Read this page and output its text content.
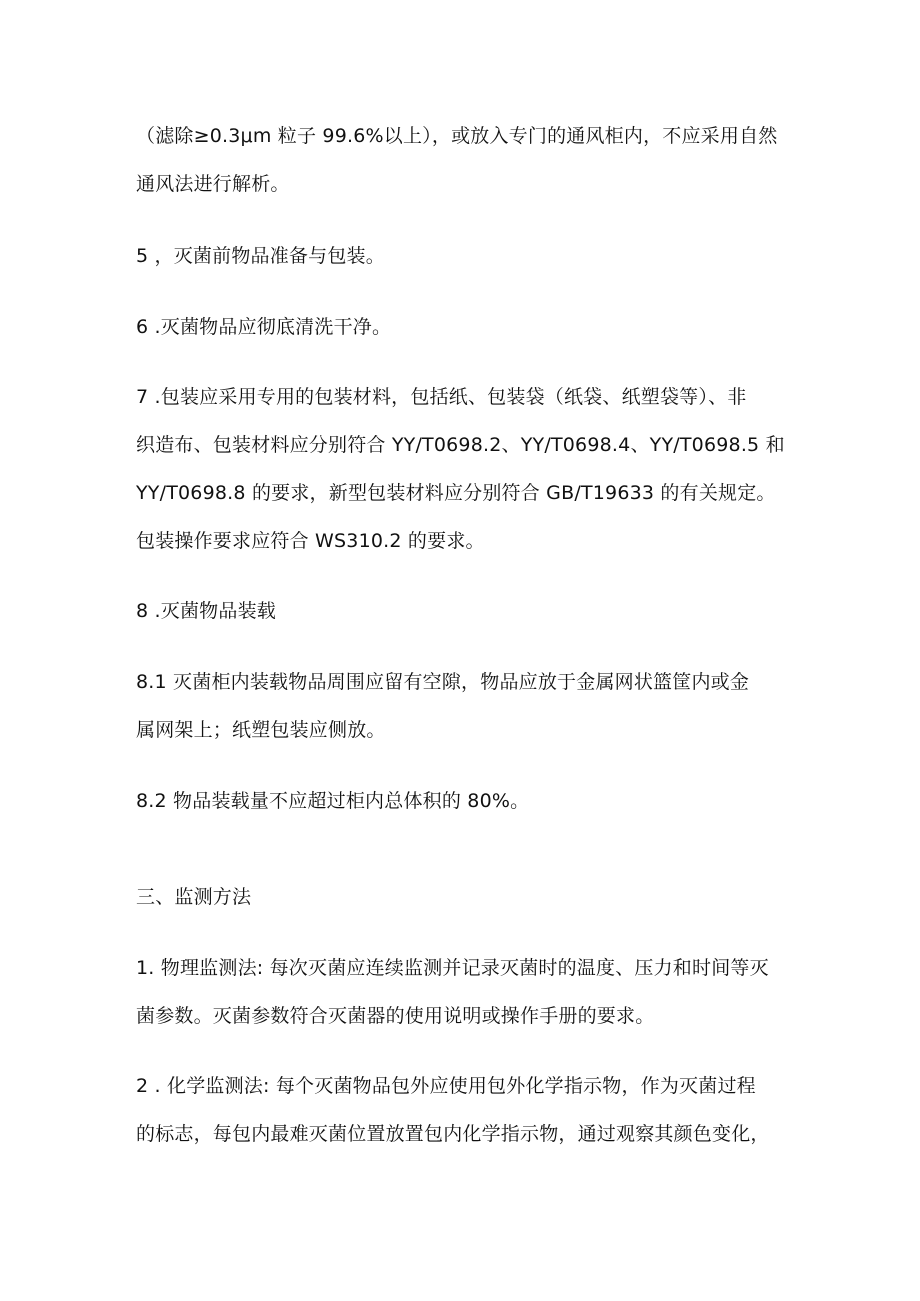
（滤除≥0.3μm 粒子 99.6%以上），或放入专门的通风柜内，不应采用自然
通风法进行解析。
5 ，灭菌前物品准备与包装。
6 .灭菌物品应彻底清洗干净。
7 .包装应采用专用的包装材料，包括纸、包装袋（纸袋、纸塑袋等）、非
织造布、包装材料应分别符合 YY/T0698.2、YY/T0698.4、YY/T0698.5 和
YY/T0698.8 的要求，新型包装材料应分别符合 GB/T19633 的有关规定。
包装操作要求应符合 WS310.2 的要求。
8 .灭菌物品装载
8.1 灭菌柜内装载物品周围应留有空隙，物品应放于金属网状篮筐内或金
属网架上；纸塑包装应侧放。
8.2 物品装载量不应超过柜内总体积的 80%。
三、监测方法
1. 物理监测法: 每次灭菌应连续监测并记录灭菌时的温度、压力和时间等灭
菌参数。灭菌参数符合灭菌器的使用说明或操作手册的要求。
2 . 化学监测法: 每个灭菌物品包外应使用包外化学指示物，作为灭菌过程
的标志，每包内最难灭菌位置放置包内化学指示物，通过观察其颜色变化，
